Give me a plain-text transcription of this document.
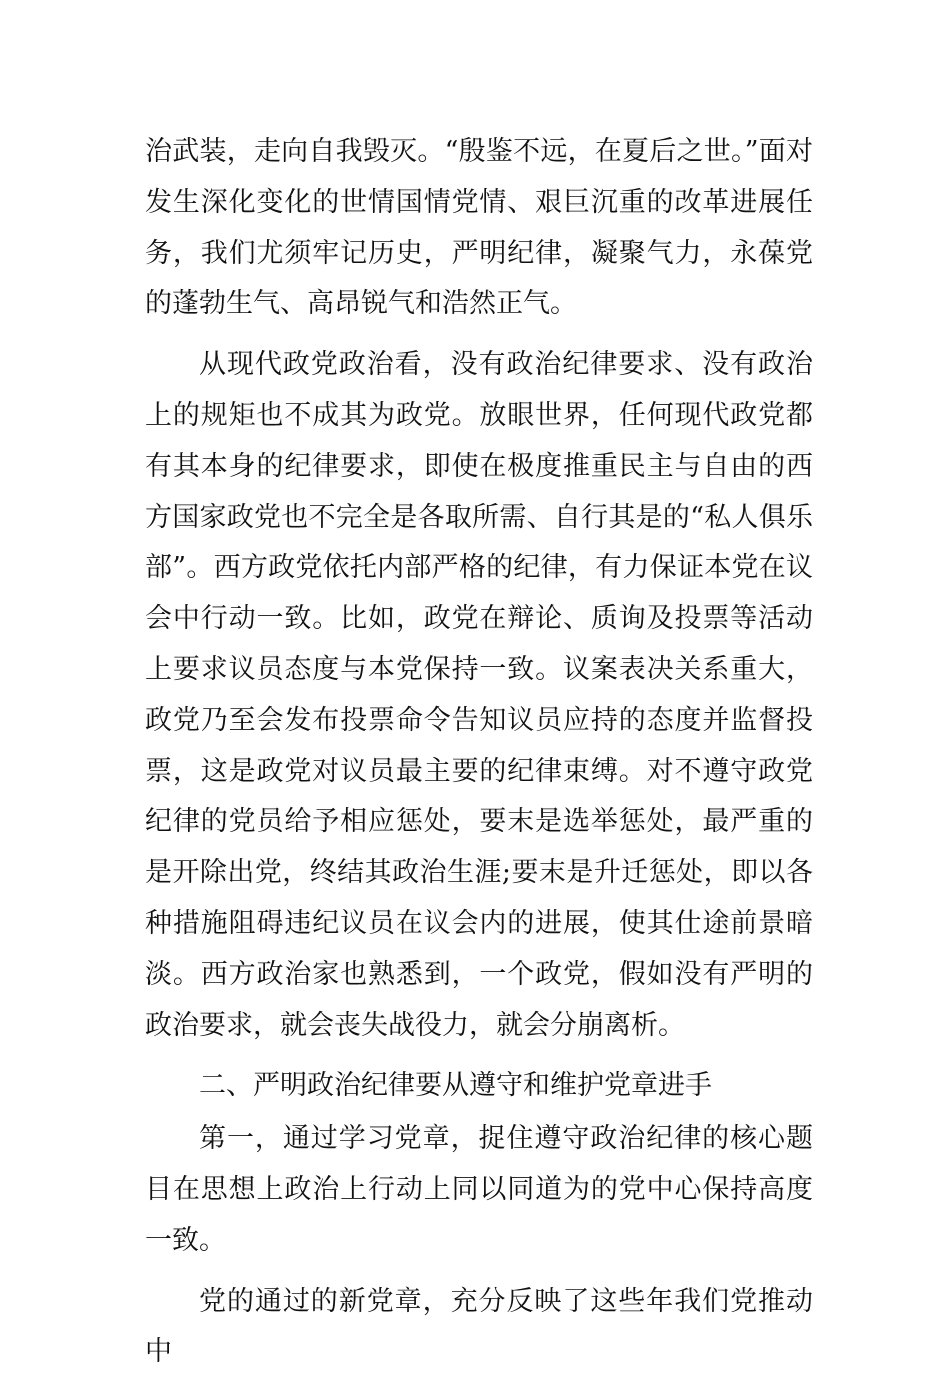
治武装，走向自我毁灭。“殷鉴不远，在夏后之世。”面对发生深化变化的世情国情党情、艰巨沉重的改革进展任务，我们尤须牢记历史，严明纪律，凝聚气力，永葆党的蓬勃生气、高昂锐气和浩然正气。

从现代政党政治看，没有政治纪律要求、没有政治上的规矩也不成其为政党。放眼世界，任何现代政党都有其本身的纪律要求，即使在极度推重民主与自由的西方国家政党也不完全是各取所需、自行其是的“私人俱乐部”。西方政党依托内部严格的纪律，有力保证本党在议会中行动一致。比如，政党在辩论、质询及投票等活动上要求议员态度与本党保持一致。议案表决关系重大，政党乃至会发布投票命令告知议员应持的态度并监督投票，这是政党对议员最主要的纪律束缚。对不遵守政党纪律的党员给予相应惩处，要末是选举惩处，最严重的是开除出党，终结其政治生涯;要末是升迁惩处，即以各种措施阻碍违纪议员在议会内的进展，使其仕途前景暗淡。西方政治家也熟悉到，一个政党，假如没有严明的政治要求，就会丧失战役力，就会分崩离析。

二、严明政治纪律要从遵守和维护党章进手

第一，通过学习党章，捉住遵守政治纪律的核心题目在思想上政治上行动上同以同道为的党中心保持高度一致。

党的通过的新党章，充分反映了这些年我们党推动中
